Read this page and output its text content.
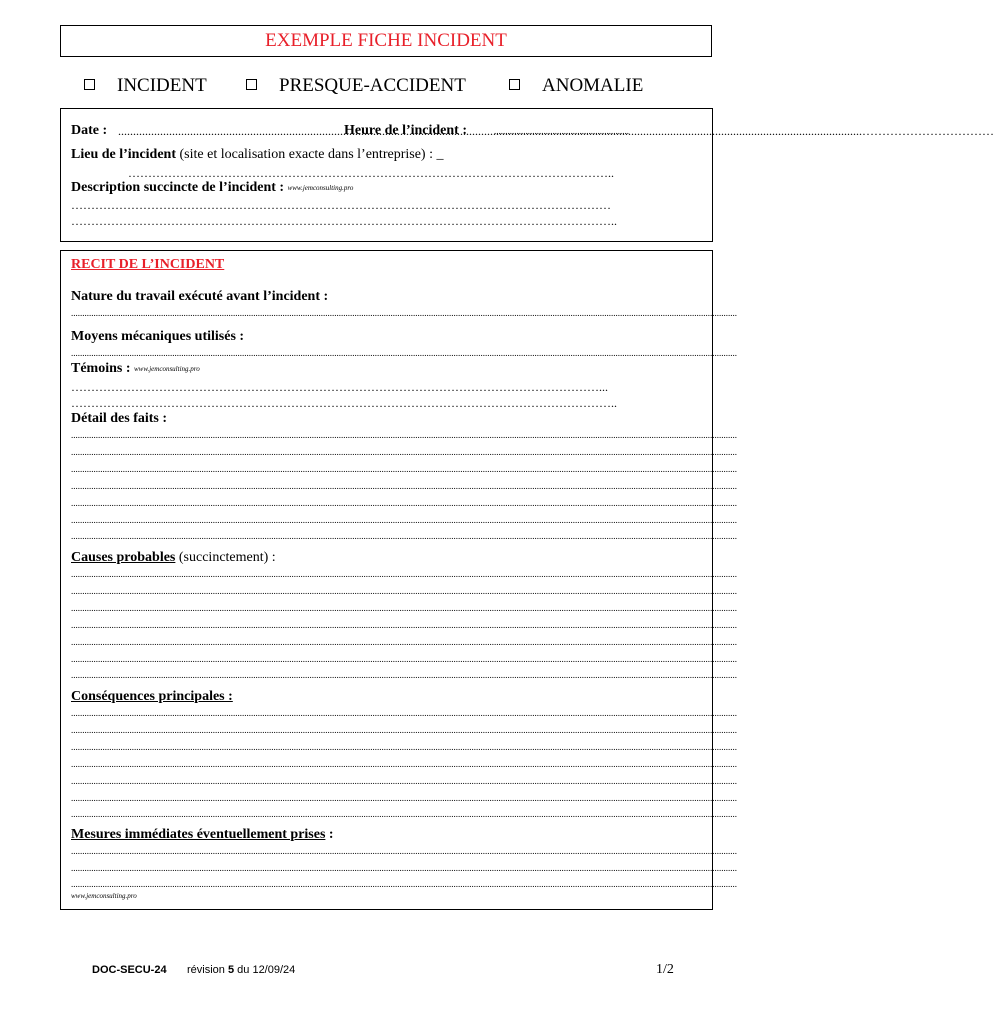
EXEMPLE FICHE INCIDENT
INCIDENT	PRESQUE-ACCIDENT	ANOMALIE
Date :
.....	……………………………
Heure de l’incident :	............................................................
Lieu de l’incident (site et localisation exacte dans l’entreprise) : _
…………………………………………………………………………………………………………..
Description succincte de l’incident : www.jemconsulting.pro
………………………………………………………………………………………………………………………
………………………………………………………………………………………………………………………..
RECIT DE L’INCIDENT
Nature du travail exécuté avant l’incident :
.....
Moyens mécaniques utilisés :
.....
Témoins : www.jemconsulting.pro
……………………………………………………………………………………………………………………...
………………………………………………………………………………………………………………………..
Détail des faits :
.....
.....
.....
.....
.....
.....
.....
Causes probables (succinctement) :
.....
.....
.....
.....
.....
.....
.....
Conséquences principales :
.....
.....
.....
.....
.....
.....
.....
Mesures immédiates éventuellement prises :
.....
.....
.....
www.jemconsulting.pro
DOC-SECU-24 révision 5 du 12/09/24	1/2
